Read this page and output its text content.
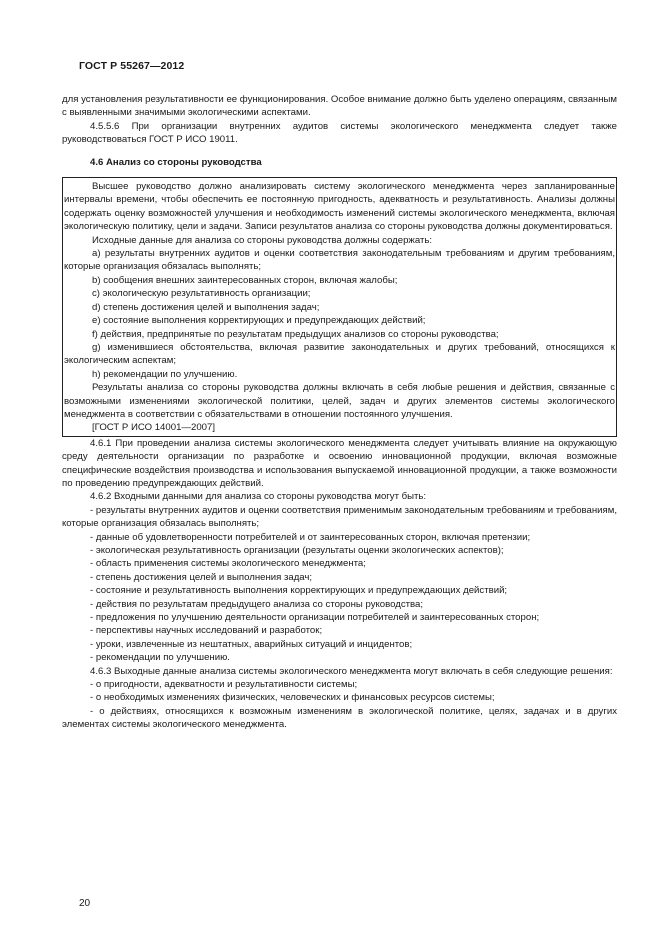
ГОСТ Р 55267—2012

для установления результативности ее функционирования. Особое внимание должно быть уделено операциям, связанным с выявленными значимыми экологическими аспектами.

4.5.5.6 При организации внутренних аудитов системы экологического менеджмента следует также руководствоваться ГОСТ Р ИСО 19011.

4.6 Анализ со стороны руководства

Высшее руководство должно анализировать систему экологического менеджмента через запланированные интервалы времени, чтобы обеспечить ее постоянную пригодность, адекватность и результативность. Анализы должны содержать оценку возможностей улучшения и необходимость изменений системы экологического менеджмента, включая экологическую политику, цели и задачи. Записи результатов анализа со стороны руководства должны документироваться.

Исходные данные для анализа со стороны руководства должны содержать:

а) результаты внутренних аудитов и оценки соответствия законодательным требованиям и другим требованиям, которые организация обязалась выполнять;

b) сообщения внешних заинтересованных сторон, включая жалобы;

с) экологическую результативность организации;

d) степень достижения целей и выполнения задач;

е) состояние выполнения корректирующих и предупреждающих действий;

f) действия, предпринятые по результатам предыдущих анализов со стороны руководства;

g) изменившиеся обстоятельства, включая развитие законодательных и других требований, относящихся к экологическим аспектам;

h) рекомендации по улучшению.

Результаты анализа со стороны руководства должны включать в себя любые решения и действия, связанные с возможными изменениями экологической политики, целей, задач и других элементов системы экологического менеджмента в соответствии с обязательствами в отношении постоянного улучшения.

[ГОСТ Р ИСО 14001—2007]

4.6.1 При проведении анализа системы экологического менеджмента следует учитывать влияние на окружающую среду деятельности организации по разработке и освоению инновационной продукции, включая возможные специфические воздействия производства и использования выпускаемой инновационной продукции, а также возможности по проведению предупреждающих действий.

4.6.2 Входными данными для анализа со стороны руководства могут быть:

- результаты внутренних аудитов и оценки соответствия применимым законодательным требованиям и требованиям, которые организация обязалась выполнять;

- данные об удовлетворенности потребителей и от заинтересованных сторон, включая претензии;

- экологическая результативность организации (результаты оценки экологических аспектов);

- область применения системы экологического менеджмента;

- степень достижения целей и выполнения задач;

- состояние и результативность выполнения корректирующих и предупреждающих действий;

- действия по результатам предыдущего анализа со стороны руководства;

- предложения по улучшению деятельности организации потребителей и заинтересованных сторон;

- перспективы научных исследований и разработок;

- уроки, извлеченные из нештатных, аварийных ситуаций и инцидентов;

- рекомендации по улучшению.

4.6.3 Выходные данные анализа системы экологического менеджмента могут включать в себя следующие решения:

- о пригодности, адекватности и результативности системы;

- о необходимых изменениях физических, человеческих и финансовых ресурсов системы;

- о действиях, относящихся к возможным изменениям в экологической политике, целях, задачах и в других элементах системы экологического менеджмента.

20
